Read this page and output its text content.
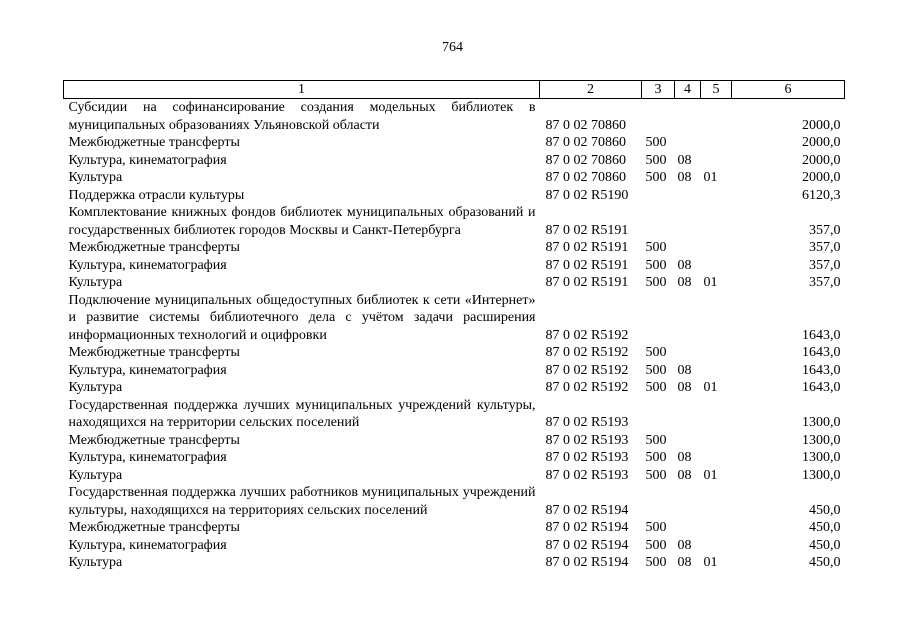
764
1	2	3	4	5	6
Субсидии на софинансирование создания модельных библиотек в муниципальных образованиях Ульяновской области	87 0 02 70860				2000,0
Межбюджетные трансферты	87 0 02 70860	500			2000,0
Культура, кинематография	87 0 02 70860	500	08		2000,0
Культура	87 0 02 70860	500	08	01	2000,0
Поддержка отрасли культуры	87 0 02 R5190				6120,3
Комплектование книжных фондов библиотек муниципальных образований и государственных библиотек городов Москвы и Санкт-Петербурга	87 0 02 R5191				357,0
Межбюджетные трансферты	87 0 02 R5191	500			357,0
Культура, кинематография	87 0 02 R5191	500	08		357,0
Культура	87 0 02 R5191	500	08	01	357,0
Подключение муниципальных общедоступных библиотек к сети «Интернет» и развитие системы библиотечного дела с учётом задачи расширения информационных технологий и оцифровки	87 0 02 R5192				1643,0
Межбюджетные трансферты	87 0 02 R5192	500			1643,0
Культура, кинематография	87 0 02 R5192	500	08		1643,0
Культура	87 0 02 R5192	500	08	01	1643,0
Государственная поддержка лучших муниципальных учреждений культуры, находящихся на территории сельских поселений	87 0 02 R5193				1300,0
Межбюджетные трансферты	87 0 02 R5193	500			1300,0
Культура, кинематография	87 0 02 R5193	500	08		1300,0
Культура	87 0 02 R5193	500	08	01	1300,0
Государственная поддержка лучших работников муниципальных учреждений культуры, находящихся на территориях сельских поселений	87 0 02 R5194				450,0
Межбюджетные трансферты	87 0 02 R5194	500			450,0
Культура, кинематография	87 0 02 R5194	500	08		450,0
Культура	87 0 02 R5194	500	08	01	450,0
